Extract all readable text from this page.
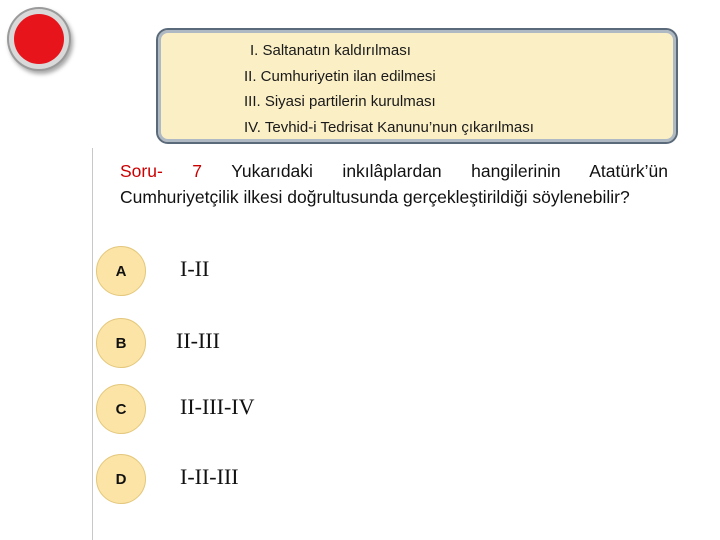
I. Saltanatın kaldırılması
II. Cumhuriyetin ilan edilmesi
III. Siyasi partilerin kurulması
IV. Tevhid-i Tedrisat Kanunu’nun çıkarılması
Soru- 7 Yukarıdaki inkılâplardan hangilerinin Atatürk’ün Cumhuriyetçilik ilkesi doğrultusunda gerçekleştirildiği söylenebilir?
A	I-II
B	II-III
C	II-III-IV
D	I-II-III
